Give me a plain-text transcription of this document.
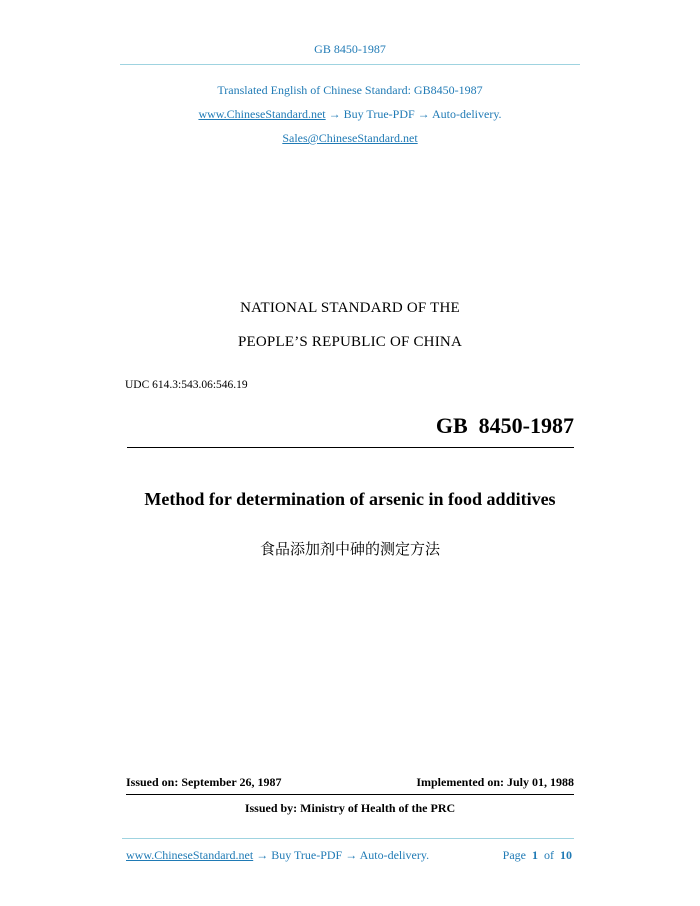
GB 8450-1987
Translated English of Chinese Standard: GB8450-1987
www.ChineseStandard.net → Buy True-PDF → Auto-delivery.
Sales@ChineseStandard.net
NATIONAL STANDARD OF THE
PEOPLE’S REPUBLIC OF CHINA
UDC 614.3:543.06:546.19
GB  8450-1987
Method for determination of arsenic in food additives
食品添加剂中砷的测定方法
Issued on: September 26, 1987	Implemented on: July 01, 1988
Issued by: Ministry of Health of the PRC
www.ChineseStandard.net → Buy True-PDF → Auto-delivery.	Page 1 of 10
